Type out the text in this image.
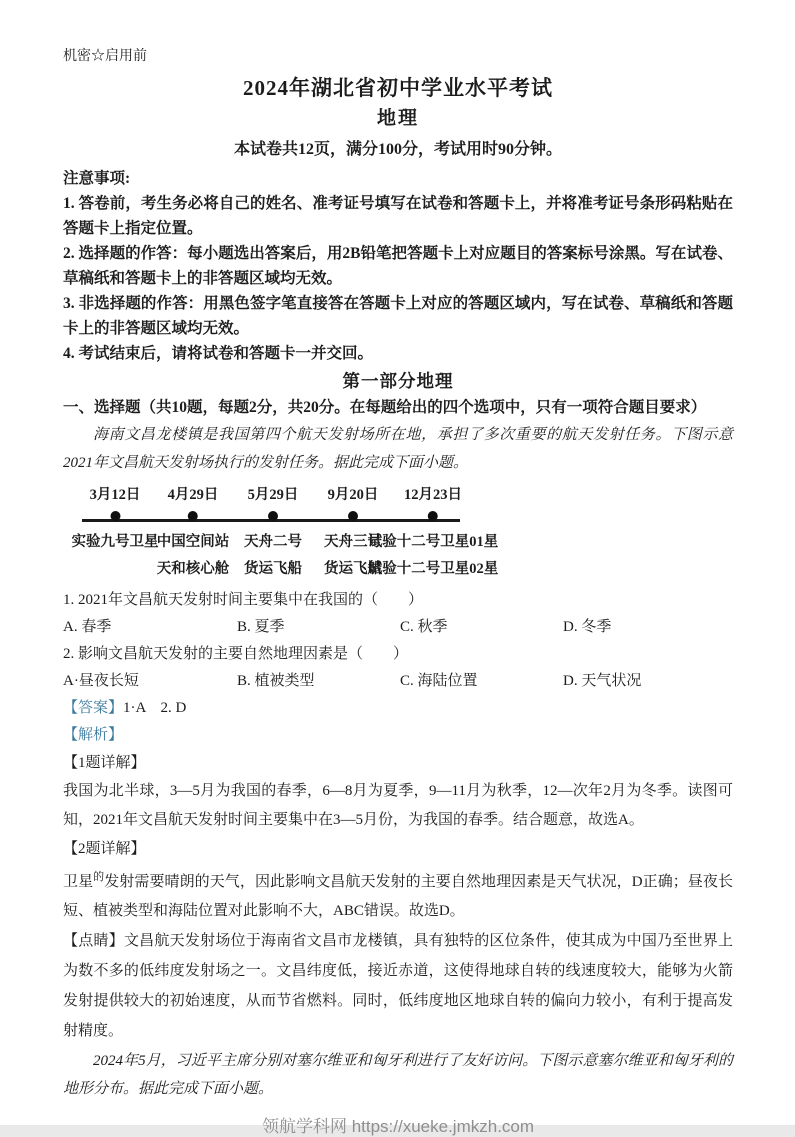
机密☆启用前
2024年湖北省初中学业水平考试
地理
本试卷共12页，满分100分，考试用时90分钟。
注意事项:

1. 答卷前，考生务必将自己的姓名、准考证号填写在试卷和答题卡上，并将准考证号条形码粘贴在答题卡上指定位置。

2. 选择题的作答：每小题选出答案后，用2B铅笔把答题卡上对应题目的答案标号涂黑。写在试卷、草稿纸和答题卡上的非答题区域均无效。

3. 非选择题的作答：用黑色签字笔直接答在答题卡上对应的答题区域内，写在试卷、草稿纸和答题卡上的非答题区域均无效。

4. 考试结束后，请将试卷和答题卡一并交回。

第一部分地理

一、选择题（共10题，每题2分，共20分。在每题给出的四个选项中，只有一项符合题目要求）

海南文昌龙楼镇是我国第四个航天发射场所在地，承担了多次重要的航天发射任务。下图示意2021年文昌航天发射场执行的发射任务。据此完成下面小题。

3月12日
实验九号卫星
4月29日
中国空间站
天和核心舱
5月29日
天舟二号
货运飞船
9月20日
天舟三号
货运飞船
12月23日
试验十二号卫星01星
试验十二号卫星02星

1. 2021年文昌航天发射时间主要集中在我国的（　　）

A. 春季	B. 夏季	C. 秋季	D. 冬季

2. 影响文昌航天发射的主要自然地理因素是（　　）

A·昼夜长短	B. 植被类型	C. 海陆位置	D. 天气状况
【答案】1·A　2. D
【解析】
【1题详解】

我国为北半球，3—5月为我国的春季，6—8月为夏季，9—11月为秋季，12—次年2月为冬季。读图可知，2021年文昌航天发射时间主要集中在3—5月份，为我国的春季。结合题意，故选A。

【2题详解】

卫星$^的$发射需要晴朗的天气，因此影响文昌航天发射的主要自然地理因素是天气状况，D正确；昼夜长短、植被类型和海陆位置对此影响不大，ABC错误。故选D。

【点睛】文昌航天发射场位于海南省文昌市龙楼镇，具有独特的区位条件，使其成为中国乃至世界上为数不多的低纬度发射场之一。文昌纬度低，接近赤道，这使得地球自转的线速度较大，能够为火箭发射提供较大的初始速度，从而节省燃料。同时，低纬度地区地球自转的偏向力较小，有利于提高发射精度。

2024年5月，习近平主席分别对塞尔维亚和匈牙利进行了友好访问。下图示意塞尔维亚和匈牙利的地形分布。据此完成下面小题。

领航学科网 https://xueke.jmkzh.com
